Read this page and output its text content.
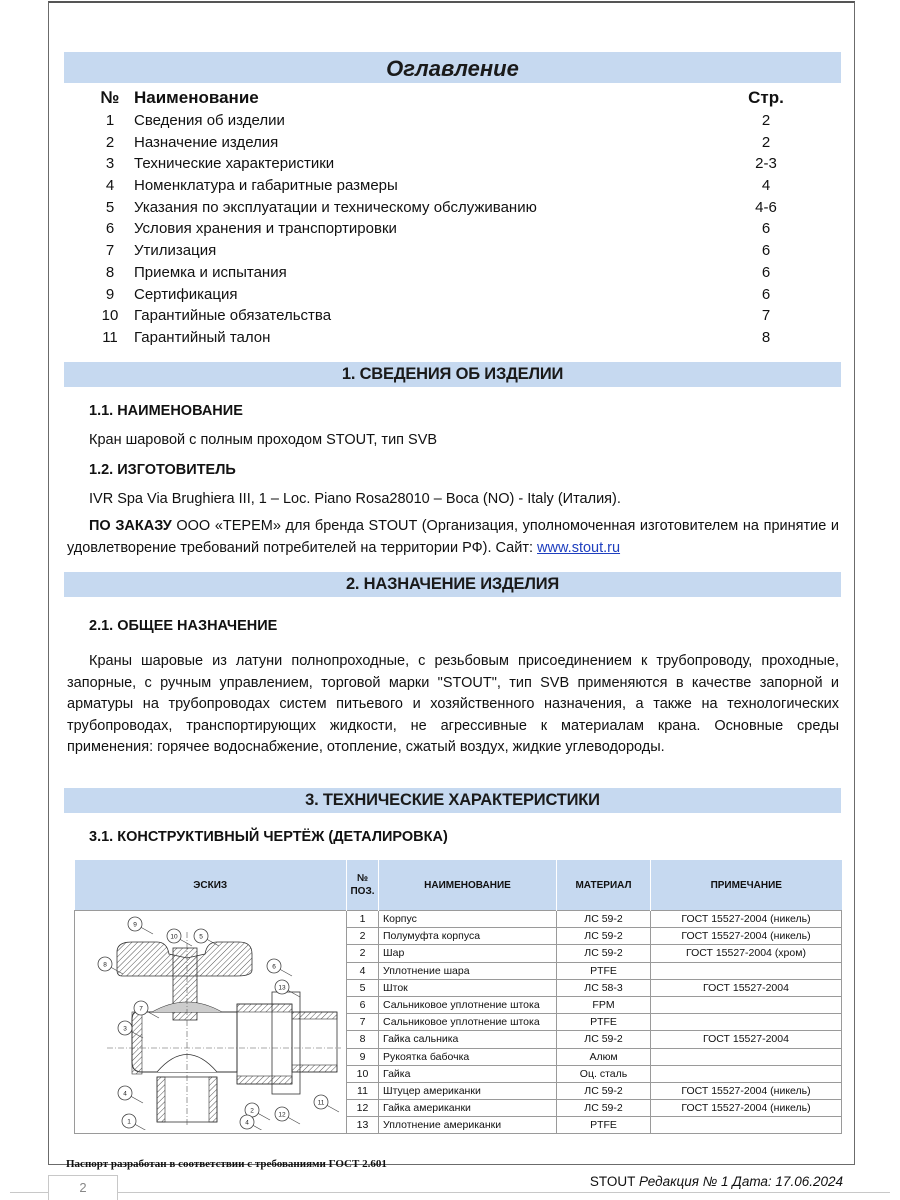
Оглавление
№ Наименование	Стр.
1	Сведения об изделии	2
2	Назначение изделия	2
3	Технические характеристики	2-3
4	Номенклатура и габаритные размеры	4
5	Указания по эксплуатации и техническому обслуживанию	4-6
6	Условия хранения и транспортировки	6
7	Утилизация	6
8	Приемка и испытания	6
9	Сертификация	6
10	Гарантийные обязательства	7
11	Гарантийный талон	8
1. СВЕДЕНИЯ ОБ ИЗДЕЛИИ
1.1. НАИМЕНОВАНИЕ
Кран шаровой с полным проходом STOUT, тип SVB
1.2. ИЗГОТОВИТЕЛЬ
IVR Spa Via Brughiera III, 1 – Loc. Piano Rosa28010 – Boca (NO) - Italy (Италия).
ПО ЗАКАЗУ ООО «ТЕРЕМ» для бренда STOUT (Организация, уполномоченная изготовителем на принятие и удовлетворение требований потребителей на территории РФ). Сайт: www.stout.ru
2. НАЗНАЧЕНИЕ ИЗДЕЛИЯ
2.1. ОБЩЕЕ НАЗНАЧЕНИЕ
Краны шаровые из латуни полнопроходные, с резьбовым присоединением к трубопроводу, проходные, запорные, с ручным управлением, торговой марки "STOUT", тип SVB применяются в качестве запорной и арматуры на трубопроводах систем питьевого и хозяйственного назначения, а также на технологических трубопроводах, транспортирующих жидкости, не агрессивные к материалам крана. Основные среды применения: горячее водоснабжение, отопление, сжатый воздух, жидкие углеводороды.
3. ТЕХНИЧЕСКИЕ ХАРАКТЕРИСТИКИ
3.1. КОНСТРУКТИВНЫЙ ЧЕРТЁЖ (ДЕТАЛИРОВКА)
ЭСКИЗ	№ ПОЗ.	НАИМЕНОВАНИЕ	МАТЕРИАЛ	ПРИМЕЧАНИЕ

9
10	5
8	6
13
7
3
4
1
2
4
12
11
	1	Корпус	ЛС 59-2	ГОСТ 15527-2004 (никель)
	2	Полумуфта корпуса	ЛС 59-2	ГОСТ 15527-2004 (никель)
	2	Шар	ЛС 59-2	ГОСТ 15527-2004 (хром)
	4	Уплотнение шара	PTFE	
	5	Шток	ЛС 58-3	ГОСТ 15527-2004
	6	Сальниковое уплотнение штока	FPM	
	7	Сальниковое уплотнение штока	PTFE	
	8	Гайка сальника	ЛС 59-2	ГОСТ 15527-2004
	9	Рукоятка бабочка	Алюм	
	10	Гайка	Оц. сталь	
	11	Штуцер американки	ЛС 59-2	ГОСТ 15527-2004 (никель)
	12	Гайка американки	ЛС 59-2	ГОСТ 15527-2004 (никель)
	13	Уплотнение американки	PTFE	
Паспорт разработан в соответствии с требованиями ГОСТ 2.601
2	STOUT Редакция № 1 Дата: 17.06.2024
